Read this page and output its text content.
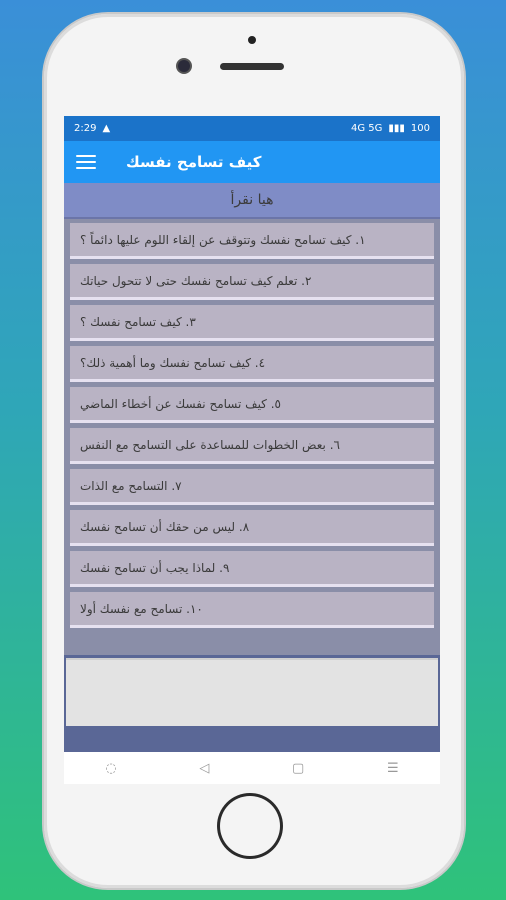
2:29 ▲	4G 5G ▮▮▮ 100
كيف تسامح نفسك
هيا نقرأ
١. كيف تسامح نفسك وتتوقف عن إلقاء اللوم عليها دائماً ؟
٢. تعلم كيف تسامح نفسك حتى لا تتحول حياتك
٣. كيف تسامح نفسك ؟
٤. كيف تسامح نفسك وما أهمية ذلك؟
٥. كيف تسامح نفسك عن أخطاء الماضي
٦. بعض الخطوات للمساعدة على التسامح مع النفس
٧. التسامح مع الذات
٨. ليس من حقك أن تسامح نفسك
٩. لماذا يجب أن تسامح نفسك
١٠. تسامح مع نفسك أولا
◌	◁	▢	☰
